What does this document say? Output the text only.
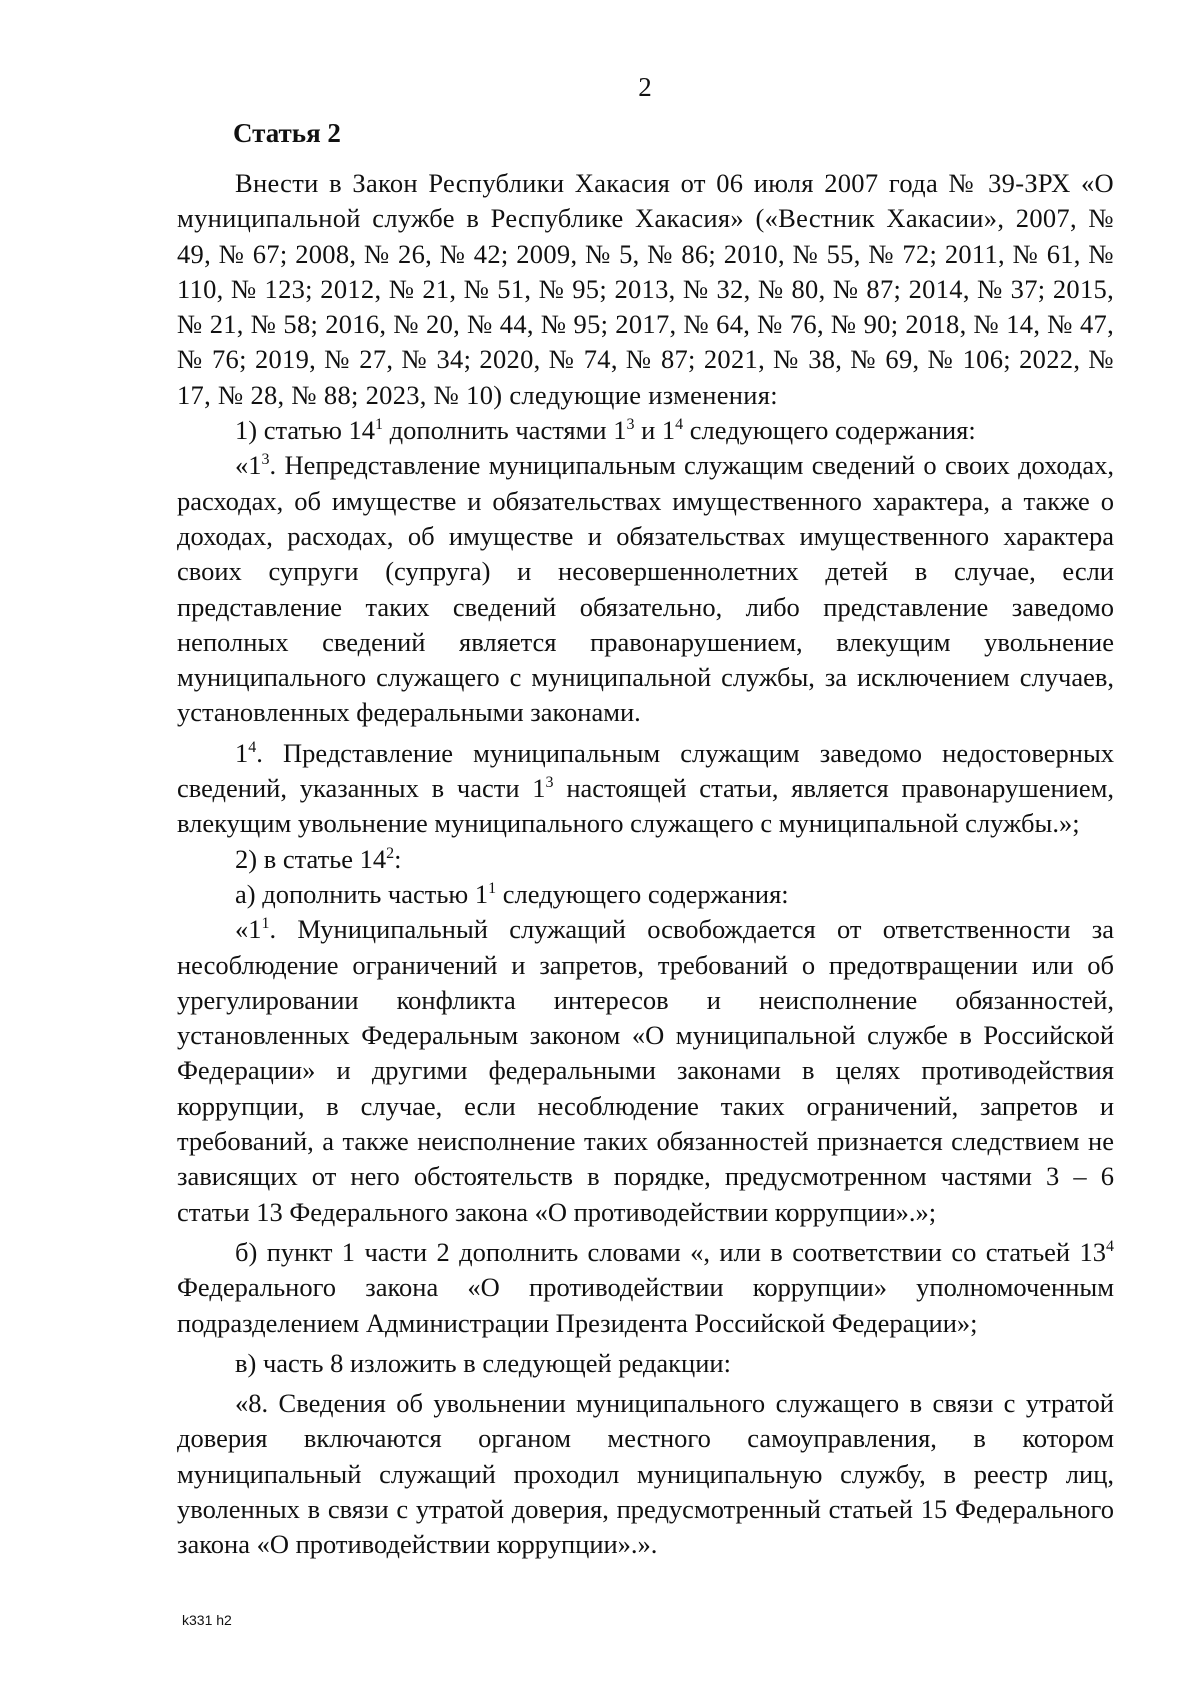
2
Статья 2

Внести в Закон Республики Хакасия от 06 июля 2007 года № 39-ЗРХ «О муниципальной службе в Республике Хакасия» («Вестник Хакасии», 2007, № 49, № 67; 2008, № 26, № 42; 2009, № 5, № 86; 2010, № 55, № 72; 2011, № 61, № 110, № 123; 2012, № 21, № 51, № 95; 2013, № 32, № 80, № 87; 2014, № 37; 2015, № 21, № 58; 2016, № 20, № 44, № 95; 2017, № 64, № 76, № 90; 2018, № 14, № 47, № 76; 2019, № 27, № 34; 2020, № 74, № 87; 2021, № 38, № 69, № 106; 2022, № 17, № 28, № 88; 2023, № 10) следующие изменения:

1) статью $14^1$ дополнить частями $1^3$ и $1^4$ следующего содержания:

«$1^3$. Непредставление муниципальным служащим сведений о своих доходах, расходах, об имуществе и обязательствах имущественного характера, а также о доходах, расходах, об имуществе и обязательствах имущественного характера своих супруги (супруга) и несовершеннолетних детей в случае, если представление таких сведений обязательно, либо представление заведомо неполных сведений является правонарушением, влекущим увольнение муниципального служащего с муниципальной службы, за исключением случаев, установленных федеральными законами.

$1^4$. Представление муниципальным служащим заведомо недостоверных сведений, указанных в части $1^3$ настоящей статьи, является правонарушением, влекущим увольнение муниципального служащего с муниципальной службы.»;

2) в статье $14^2$:

а) дополнить частью $1^1$ следующего содержания:

«$1^1$. Муниципальный служащий освобождается от ответственности за несоблюдение ограничений и запретов, требований о предотвращении или об урегулировании конфликта интересов и неисполнение обязанностей, установленных Федеральным законом «О муниципальной службе в Российской Федерации» и другими федеральными законами в целях противодействия коррупции, в случае, если несоблюдение таких ограничений, запретов и требований, а также неисполнение таких обязанностей признается следствием не зависящих от него обстоятельств в порядке, предусмотренном частями 3 – 6 статьи 13 Федерального закона «О противодействии коррупции».»;

б) пункт 1 части 2 дополнить словами «, или в соответствии со статьей $13^4$ Федерального закона «О противодействии коррупции» уполномоченным подразделением Администрации Президента Российской Федерации»;

в) часть 8 изложить в следующей редакции:

«8. Сведения об увольнении муниципального служащего в связи с утратой доверия включаются органом местного самоуправления, в котором муниципальный служащий проходил муниципальную службу, в реестр лиц, уволенных в связи с утратой доверия, предусмотренный статьей 15 Федерального закона «О противодействии коррупции».».

k331 h2
